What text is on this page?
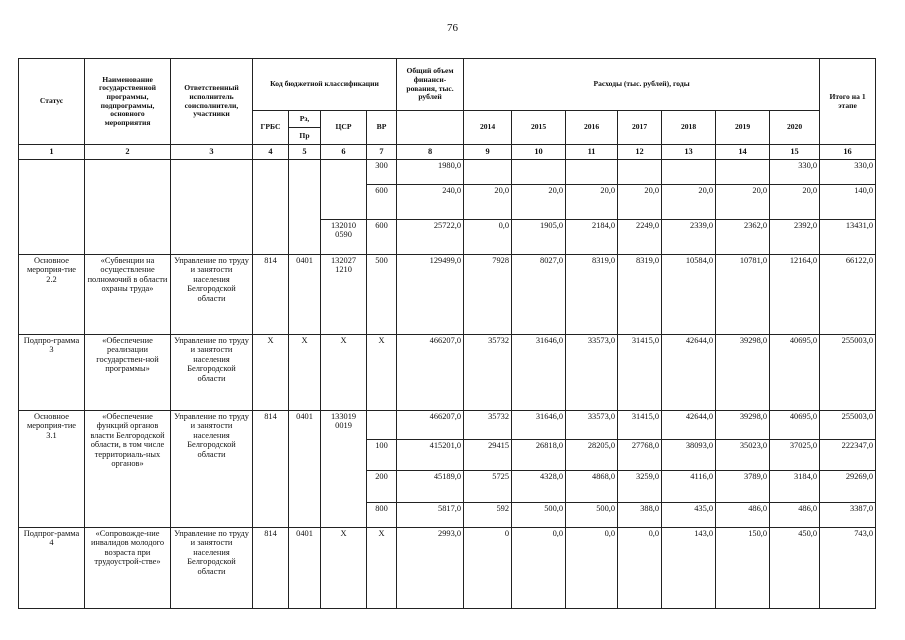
76
Статус	Наименование государственной программы, подпрограммы, основного мероприятия	Ответственный исполнитель соисполнители, участники	Код бюджетной классификации				Общий объем финанси-рования, тыс. рублей	Расходы (тыс. рублей), годы							Итого на 1 этапе
			ГРБС	Рз,	ЦСР	ВР		2014	2015	2016	2017	2018	2019	2020	
				Пр											
1	2	3	4	5	6	7	8	9	10	11	12	13	14	15	16
						300	1980,0							330,0	330,0
						600	240,0	20,0	20,0	20,0	20,0	20,0	20,0	20,0	140,0
					132010 0590	600	25722,0	0,0	1905,0	2184,0	2249,0	2339,0	2362,0	2392,0	13431,0
Основное мероприя-тие 2.2	«Субвенции на осуществление полномочий в области охраны труда»	Управление по труду и занятости населения Белгородской области	814	0401	132027 1210	500	129499,0	7928	8027,0	8319,0	8319,0	10584,0	10781,0	12164,0	66122,0
Подпро-грамма 3	«Обеспечение реализации государствен-ной программы»	Управление по труду и занятости населения Белгородской области	X	X	X	X	466207,0	35732	31646,0	33573,0	31415,0	42644,0	39298,0	40695,0	255003,0
Основное мероприя-тие 3.1	«Обеспечение функций органов власти Белгородской области, в том числе территориаль-ных органов»	Управление по труду и занятости населения Белгородской области	814	0401	133019 0019		466207,0	35732	31646,0	33573,0	31415,0	42644,0	39298,0	40695,0	255003,0
						100	415201,0	29415	26818,0	28205,0	27768,0	38093,0	35023,0	37025,0	222347,0
						200	45189,0	5725	4328,0	4868,0	3259,0	4116,0	3789,0	3184,0	29269,0
						800	5817,0	592	500,0	500,0	388,0	435,0	486,0	486,0	3387,0
Подпрог-рамма 4	«Сопровожде-ние инвалидов молодого возраста при трудоустрой-стве»	Управление по труду и занятости населения Белгородской области	814	0401	X	X	2993,0	0	0,0	0,0	0,0	143,0	150,0	450,0	743,0
